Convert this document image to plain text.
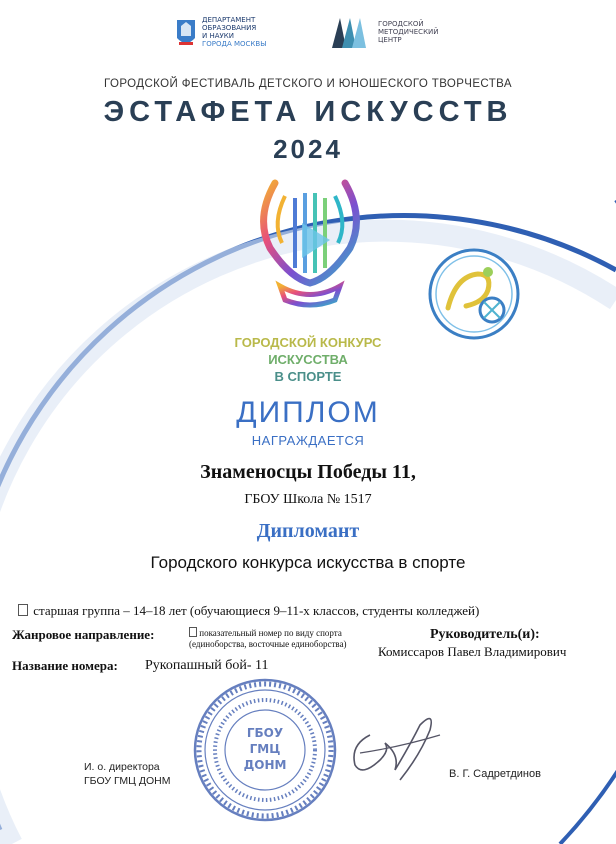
ДЕПАРТАМЕНТ
ОБРАЗОВАНИЯ
И НАУКИ
ГОРОДА МОСКВЫ
ГОРОДСКОЙ
МЕТОДИЧЕСКИЙ
ЦЕНТР
ГОРОДСКОЙ ФЕСТИВАЛЬ ДЕТСКОГО И ЮНОШЕСКОГО ТВОРЧЕСТВА
ЭСТАФЕТА ИСКУССТВ
2024
ГОРОДСКОЙ КОНКУРС
ИСКУССТВА
В СПОРТЕ
ДИПЛОМ
НАГРАЖДАЕТСЯ
Знаменосцы Победы 11,
ГБОУ Школа № 1517
Дипломант
Городского конкурса искусства в спорте
старшая группа – 14–18 лет (обучающиеся 9–11-х классов, студенты колледжей)
Жанровое направление:	показательный номер по виду спорта (единоборства, восточные единоборства)
Руководитель(и):
Комиссаров Павел Владимирович
Название номера: Рукопашный бой- 11
ГБОУ
ГМЦ
ДОНМ
И. о. директора
ГБОУ ГМЦ ДОНМ
В. Г. Садретдинов
